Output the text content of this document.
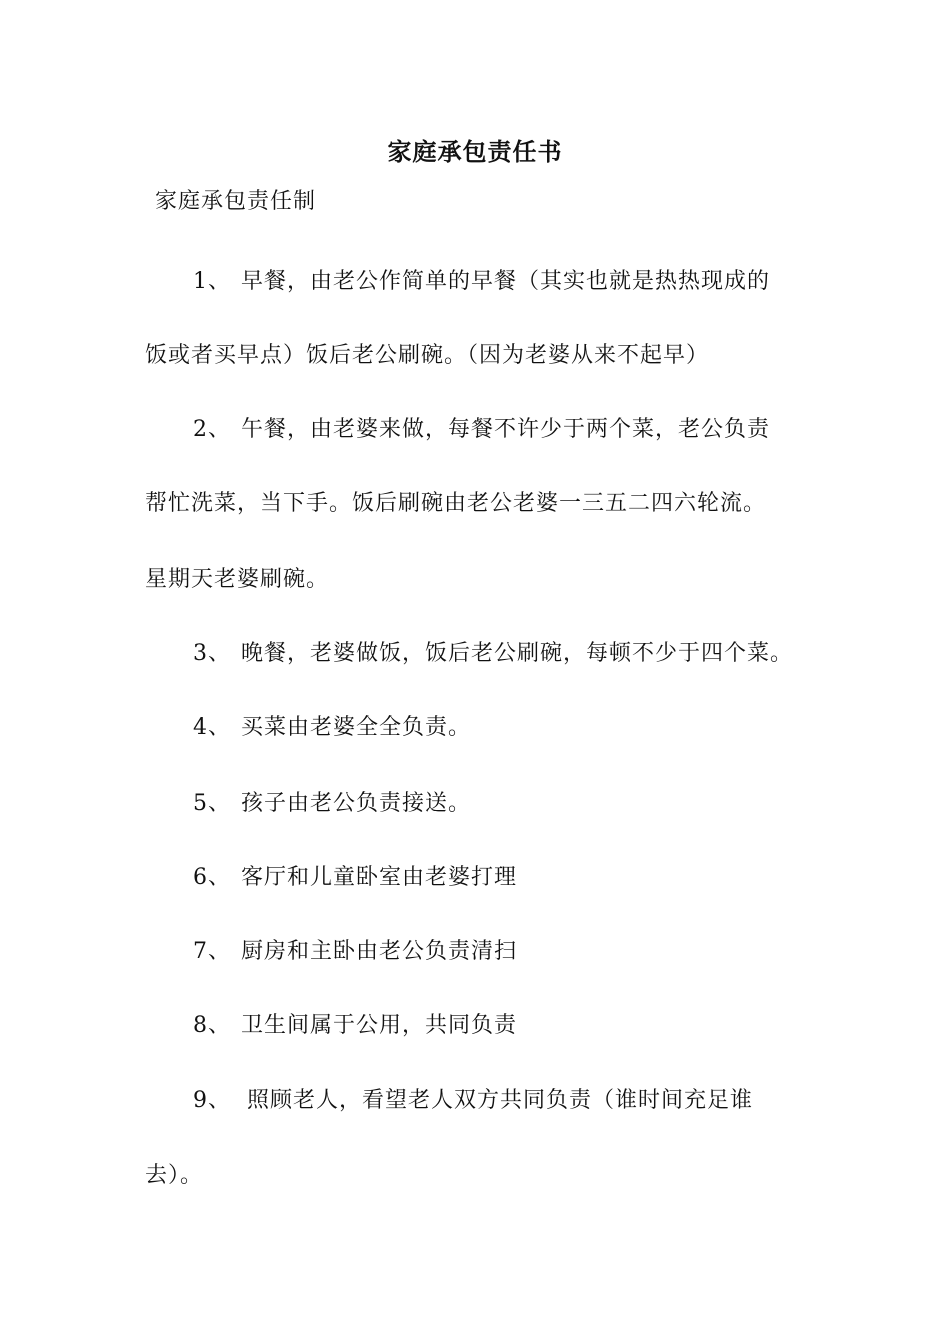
家庭承包责任书
家庭承包责任制
1、 早餐，由老公作简单的早餐（其实也就是热热现成的
饭或者买早点）饭后老公刷碗。（因为老婆从来不起早）
2、 午餐，由老婆来做，每餐不许少于两个菜，老公负责
帮忙洗菜，当下手。饭后刷碗由老公老婆一三五二四六轮流。
星期天老婆刷碗。
3、 晚餐，老婆做饭，饭后老公刷碗，每顿不少于四个菜。
4、 买菜由老婆全全负责。
5、 孩子由老公负责接送。
6、 客厅和儿童卧室由老婆打理
7、 厨房和主卧由老公负责清扫
8、 卫生间属于公用，共同负责
9、 照顾老人，看望老人双方共同负责（谁时间充足谁
去）。
